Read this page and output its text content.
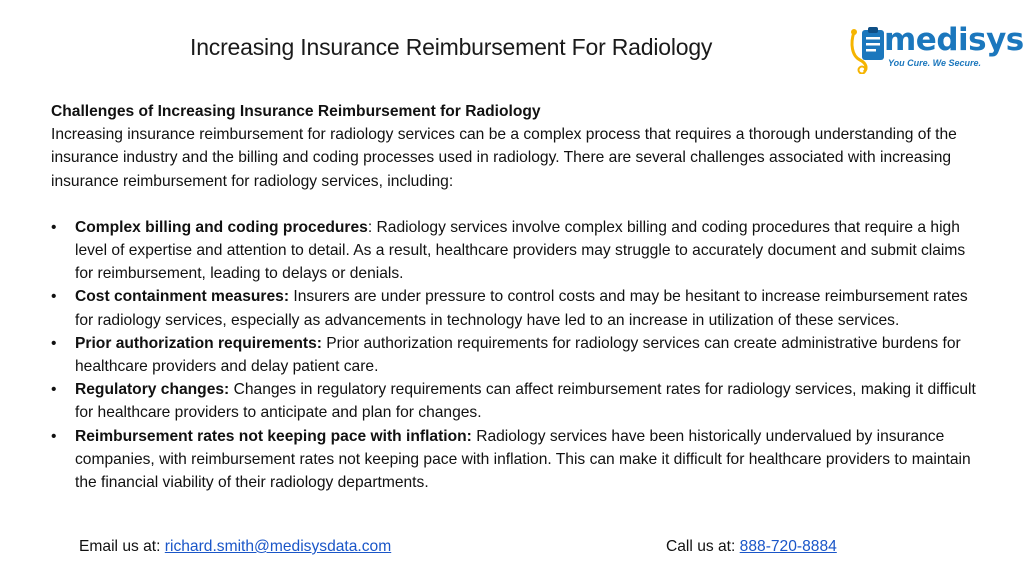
Increasing Insurance Reimbursement For Radiology	medisys
You Cure. We Secure.
Challenges of Increasing Insurance Reimbursement for Radiology
Increasing insurance reimbursement for radiology services can be a complex process that requires a thorough understanding of the insurance industry and the billing and coding processes used in radiology. There are several challenges associated with increasing insurance reimbursement for radiology services, including:
• Complex billing and coding procedures: Radiology services involve complex billing and coding procedures that require a high level of expertise and attention to detail. As a result, healthcare providers may struggle to accurately document and submit claims for reimbursement, leading to delays or denials.
• Cost containment measures: Insurers are under pressure to control costs and may be hesitant to increase reimbursement rates for radiology services, especially as advancements in technology have led to an increase in utilization of these services.
• Prior authorization requirements: Prior authorization requirements for radiology services can create administrative burdens for healthcare providers and delay patient care.
• Regulatory changes: Changes in regulatory requirements can affect reimbursement rates for radiology services, making it difficult for healthcare providers to anticipate and plan for changes.
• Reimbursement rates not keeping pace with inflation: Radiology services have been historically undervalued by insurance companies, with reimbursement rates not keeping pace with inflation. This can make it difficult for healthcare providers to maintain the financial viability of their radiology departments.
Email us at: richard.smith@medisysdata.com	Call us at: 888-720-8884
